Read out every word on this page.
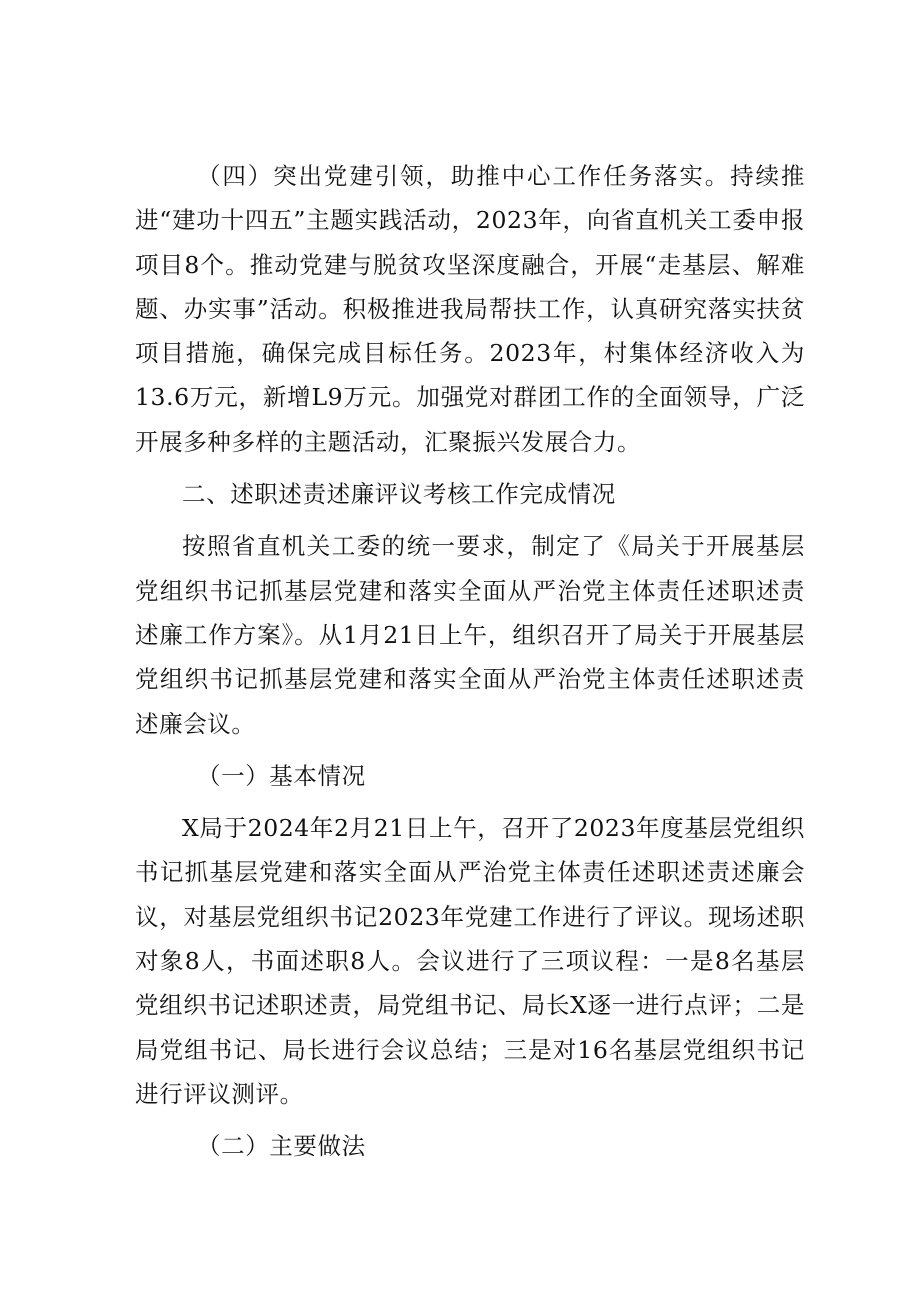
（四）突出党建引领，助推中心工作任务落实。持续推进“建功十四五”主题实践活动，2023年，向省直机关工委申报项目8个。推动党建与脱贫攻坚深度融合，开展“走基层、解难题、办实事”活动。积极推进我局帮扶工作，认真研究落实扶贫项目措施，确保完成目标任务。2023年，村集体经济收入为13.6万元，新增L9万元。加强党对群团工作的全面领导，广泛开展多种多样的主题活动，汇聚振兴发展合力。

二、述职述责述廉评议考核工作完成情况

按照省直机关工委的统一要求，制定了《局关于开展基层党组织书记抓基层党建和落实全面从严治党主体责任述职述责述廉工作方案》。从1月21日上午，组织召开了局关于开展基层党组织书记抓基层党建和落实全面从严治党主体责任述职述责述廉会议。

（一）基本情况

X局于2024年2月21日上午，召开了2023年度基层党组织书记抓基层党建和落实全面从严治党主体责任述职述责述廉会议，对基层党组织书记2023年党建工作进行了评议。现场述职对象8人，书面述职8人。会议进行了三项议程：一是8名基层党组织书记述职述责，局党组书记、局长X逐一进行点评；二是局党组书记、局长进行会议总结；三是对16名基层党组织书记进行评议测评。

（二）主要做法
